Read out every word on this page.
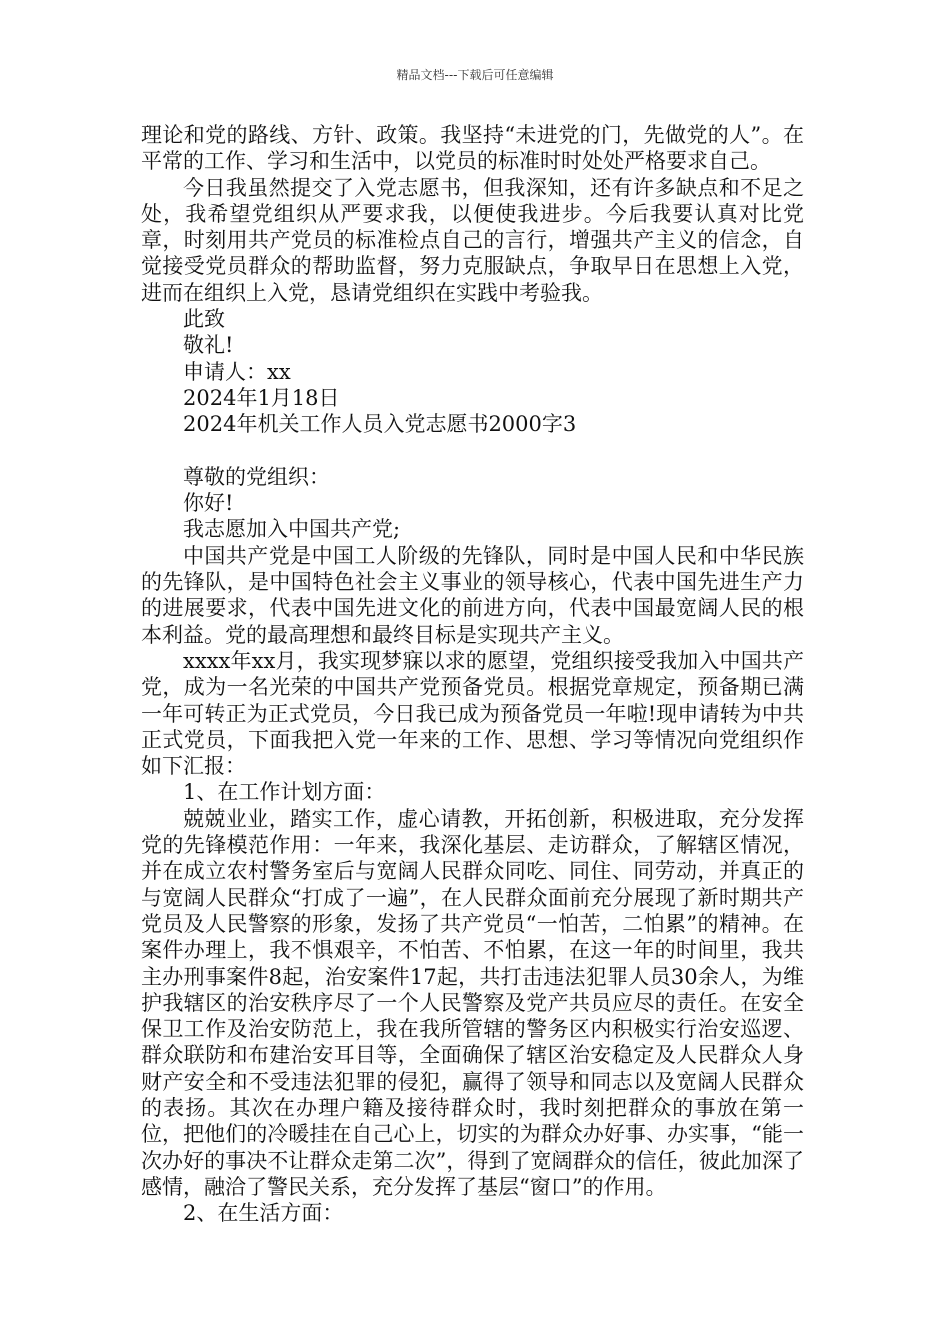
精品文档---下载后可任意编辑

理论和党的路线、方针、政策。我坚持“未进党的门，先做党的人”。在平常的工作、学习和生活中，以党员的标准时时处处严格要求自己。

今日我虽然提交了入党志愿书，但我深知，还有许多缺点和不足之处，我希望党组织从严要求我，以便使我进步。今后我要认真对比党章，时刻用共产党员的标准检点自己的言行，增强共产主义的信念，自觉接受党员群众的帮助监督，努力克服缺点，争取早日在思想上入党，进而在组织上入党，恳请党组织在实践中考验我。

此致

敬礼!

申请人：xx

2024年1月18日

2024年机关工作人员入党志愿书2000字3

尊敬的党组织：

你好!

我志愿加入中国共产党;

中国共产党是中国工人阶级的先锋队，同时是中国人民和中华民族的先锋队，是中国特色社会主义事业的领导核心，代表中国先进生产力的进展要求，代表中国先进文化的前进方向，代表中国最宽阔人民的根本利益。党的最高理想和最终目标是实现共产主义。

xxxx年xx月，我实现梦寐以求的愿望，党组织接受我加入中国共产党，成为一名光荣的中国共产党预备党员。根据党章规定，预备期已满一年可转正为正式党员，今日我已成为预备党员一年啦!现申请转为中共正式党员，下面我把入党一年来的工作、思想、学习等情况向党组织作如下汇报：

1、在工作计划方面：

兢兢业业，踏实工作，虚心请教，开拓创新，积极进取，充分发挥党的先锋模范作用：一年来，我深化基层、走访群众，了解辖区情况，并在成立农村警务室后与宽阔人民群众同吃、同住、同劳动，并真正的与宽阔人民群众“打成了一遍”，在人民群众面前充分展现了新时期共产党员及人民警察的形象，发扬了共产党员“一怕苦，二怕累”的精神。在案件办理上，我不惧艰辛，不怕苦、不怕累，在这一年的时间里，我共主办刑事案件8起，治安案件17起，共打击违法犯罪人员30余人，为维护我辖区的治安秩序尽了一个人民警察及党产共员应尽的责任。在安全保卫工作及治安防范上，我在我所管辖的警务区内积极实行治安巡逻、群众联防和布建治安耳目等，全面确保了辖区治安稳定及人民群众人身财产安全和不受违法犯罪的侵犯，赢得了领导和同志以及宽阔人民群众的表扬。其次在办理户籍及接待群众时，我时刻把群众的事放在第一位，把他们的冷暖挂在自己心上，切实的为群众办好事、办实事，“能一次办好的事决不让群众走第二次”，得到了宽阔群众的信任，彼此加深了感情，融洽了警民关系，充分发挥了基层“窗口”的作用。

2、在生活方面：
